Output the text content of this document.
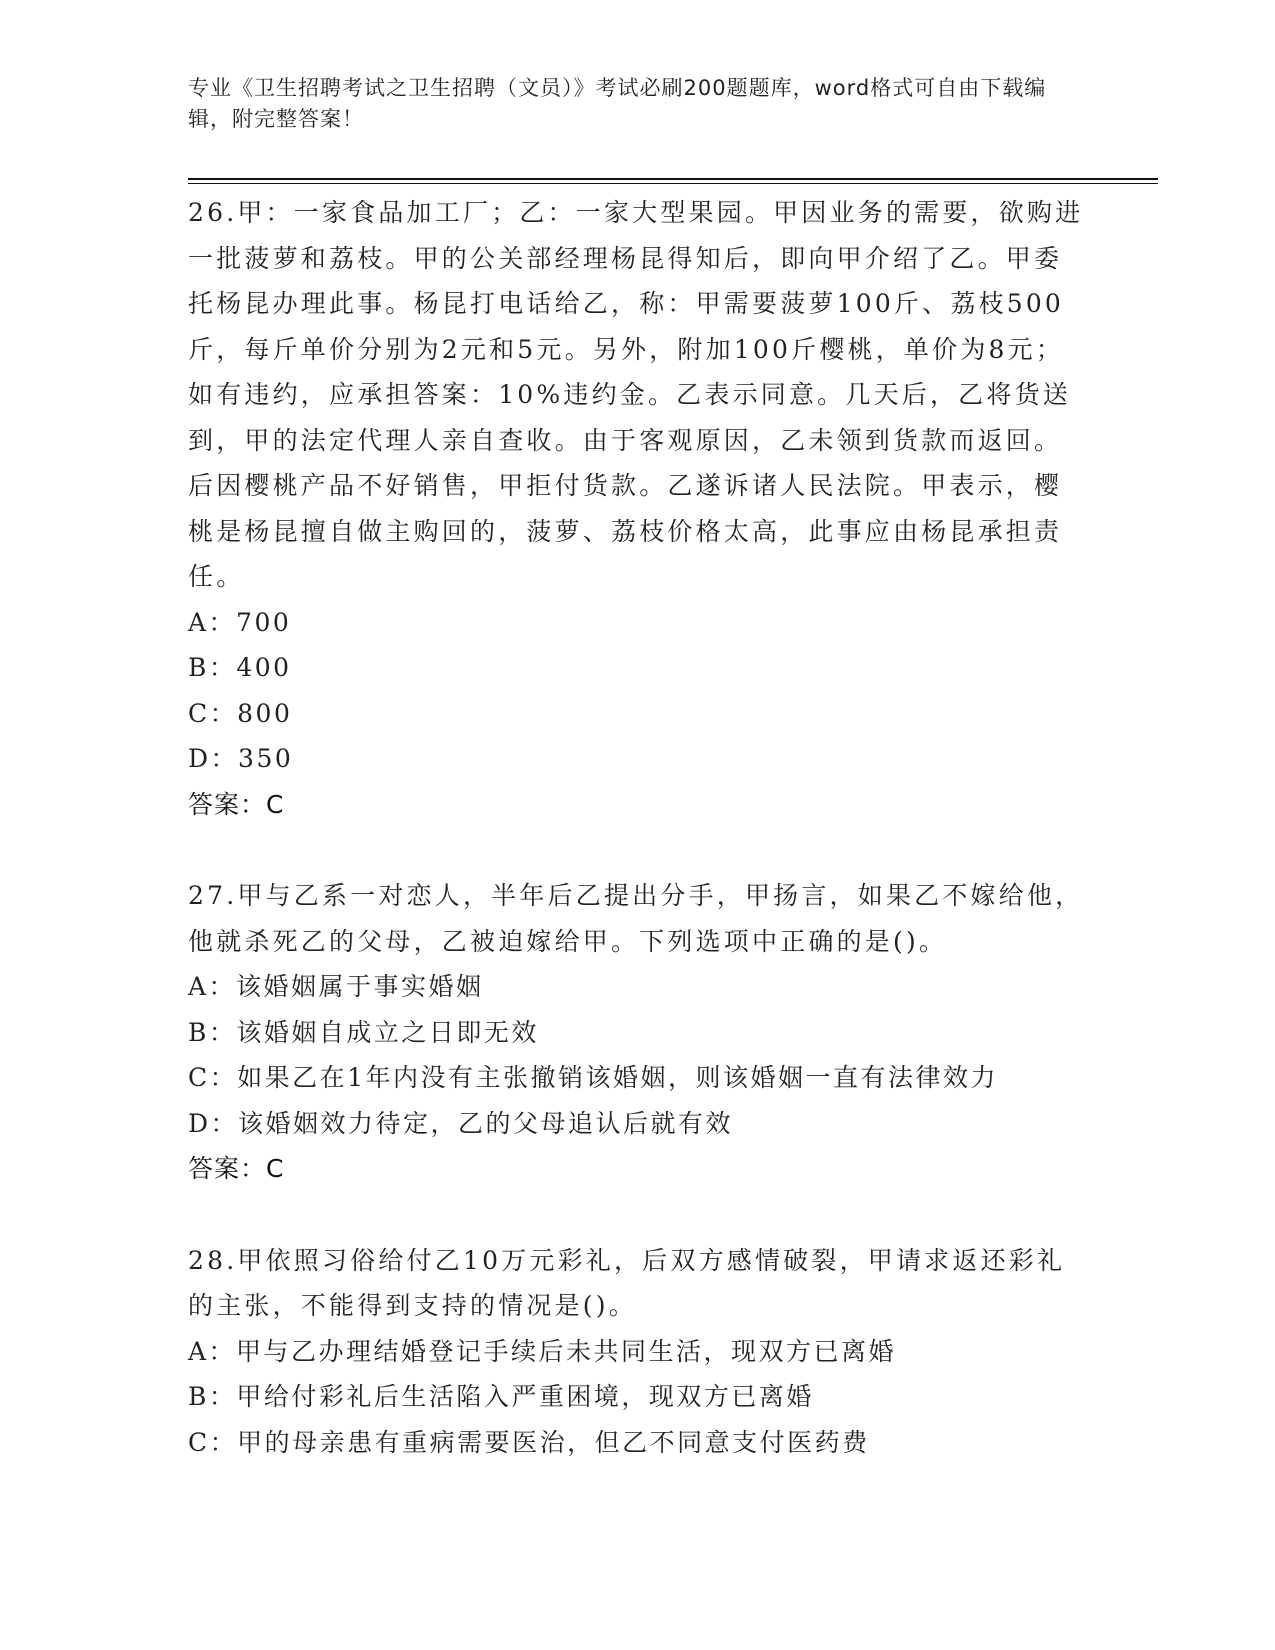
专业《卫生招聘考试之卫生招聘（文员）》考试必刷200题题库，word格式可自由下载编辑，附完整答案！

26.甲：一家食品加工厂；乙：一家大型果园。甲因业务的需要，欲购进一批菠萝和荔枝。甲的公关部经理杨昆得知后，即向甲介绍了乙。甲委托杨昆办理此事。杨昆打电话给乙，称：甲需要菠萝100斤、荔枝500斤，每斤单价分别为2元和5元。另外，附加100斤樱桃，单价为8元；如有违约，应承担答案：10%违约金。乙表示同意。几天后，乙将货送到，甲的法定代理人亲自查收。由于客观原因，乙未领到货款而返回。后因樱桃产品不好销售，甲拒付货款。乙遂诉诸人民法院。甲表示，樱桃是杨昆擅自做主购回的，菠萝、荔枝价格太高，此事应由杨昆承担责任。

A：700

B：400

C：800

D：350

答案：C

27.甲与乙系一对恋人，半年后乙提出分手，甲扬言，如果乙不嫁给他，他就杀死乙的父母，乙被迫嫁给甲。下列选项中正确的是()。

A：该婚姻属于事实婚姻

B：该婚姻自成立之日即无效

C：如果乙在1年内没有主张撤销该婚姻，则该婚姻一直有法律效力

D：该婚姻效力待定，乙的父母追认后就有效

答案：C

28.甲依照习俗给付乙10万元彩礼，后双方感情破裂，甲请求返还彩礼的主张，不能得到支持的情况是()。

A：甲与乙办理结婚登记手续后未共同生活，现双方已离婚

B：甲给付彩礼后生活陷入严重困境，现双方已离婚

C：甲的母亲患有重病需要医治，但乙不同意支付医药费
